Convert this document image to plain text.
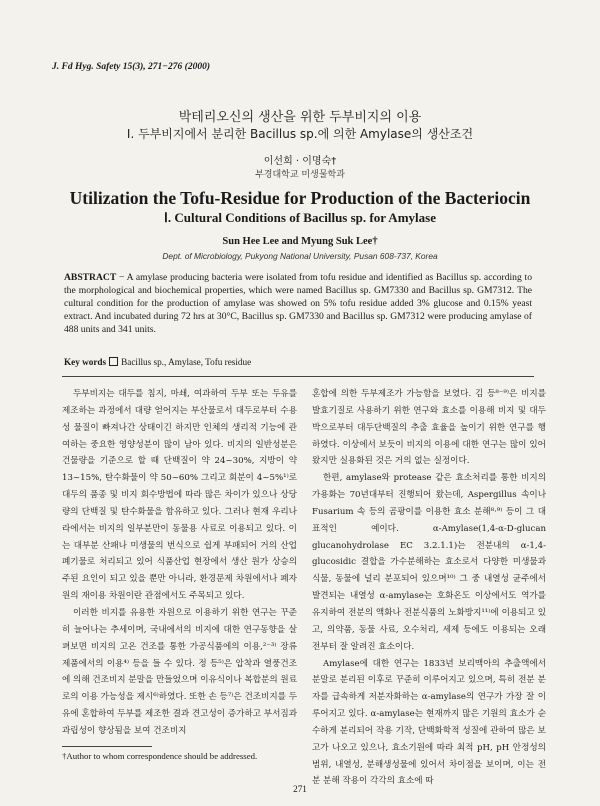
J. Fd Hyg. Safety 15(3), 271−276 (2000)
박테리오신의 생산을 위한 두부비지의 이용
Ⅰ. 두부비지에서 분리한 Bacillus sp.에 의한 Amylase의 생산조건
이선희 · 이명숙†
부경대학교 미생물학과
Utilization the Tofu-Residue for Production of the Bacteriocin
Ⅰ. Cultural Conditions of Bacillus sp. for Amylase
Sun Hee Lee and Myung Suk Lee†
Dept. of Microbiology, Pukyong National University, Pusan 608-737, Korea
ABSTRACT − A amylase producing bacteria were isolated from tofu residue and identified as Bacillus sp. according to the morphological and biochemical properties, which were named Bacillus sp. GM7330 and Bacillus sp. GM7312. The cultural condition for the production of amylase was showed on 5% tofu residue added 3% glucose and 0.15% yeast extract. And incubated during 72 hrs at 30°C, Bacillus sp. GM7330 and Bacillus sp. GM7312 were producing amylase of 488 units and 341 units.
Key words Bacillus sp., Amylase, Tofu residue

두부비지는 대두를 침지, 마쇄, 여과하여 두부 또는 두유를 제조하는 과정에서 대량 얻어지는 부산물로서 대두로부터 수용성 물질이 빠져나간 상태이긴 하지만 인체의 생리적 기능에 관여하는 중요한 영양성분이 많이 남아 있다. 비지의 일반성분은 건물량을 기준으로 할 때 단백질이 약 24~30%, 지방이 약 13~15%, 탄수화물이 약 50~60% 그리고 회분이 4~5%¹⁾로 대두의 품종 및 비지 회수방법에 따라 많은 차이가 있으나 상당량의 단백질 및 탄수화물을 함유하고 있다. 그러나 현재 우리나라에서는 비지의 일부분만이 동물용 사료로 이용되고 있다. 이는 대부분 산패나 미생물의 번식으로 쉽게 부패되어 거의 산업 폐기물로 처리되고 있어 식품산업 현장에서 생산 원가 상승의 주된 요인이 되고 있을 뿐만 아니라, 환경문제 차원에서나 폐자원의 재이용 차원이란 관점에서도 주목되고 있다.

이러한 비지를 유용한 자원으로 이용하기 위한 연구는 꾸준히 늘어나는 추세이며, 국내에서의 비지에 대한 연구동향을 살펴보면 비지의 고온 건조를 통한 가공식품에의 이용,²⁻³⁾ 장류 제품에서의 이용⁴⁾ 등을 들 수 있다. 정 등⁵⁾은 압착과 열풍건조에 의해 건조비지 분말을 만들었으며 이유식이나 복합분의 원료로의 이용 가능성을 제시⁶⁾하였다. 또한 손 등⁷⁾은 건조비지를 두유에 혼합하여 두부를 제조한 결과 견고성이 증가하고 부서짐과 과립성이 향상됨을 보여 건조비지

혼합에 의한 두부제조가 가능함을 보였다. 김 등⁸⁻⁹⁾은 비지를 발효기질로 사용하기 위한 연구와 효소를 이용해 비지 및 대두 박으로부터 대두단백질의 추출 효율을 높이기 위한 연구를 행하였다. 이상에서 보듯이 비지의 이용에 대한 연구는 많이 있어 왔지만 실용화된 것은 거의 없는 실정이다.

한편, amylase와 protease 같은 효소처리를 통한 비지의 가용화는 70년대부터 진행되어 왔는데, Aspergillus 속이나 Fusarium 속 등의 곰팡이를 이용한 효소 분해⁸·⁹⁾ 등이 그 대표적인 예이다. α-Amylase(1,4-α-D-glucan glucanohydrolase EC 3.2.1.1)는 전분내의 α-1,4-glucosidic 결합을 가수분해하는 효소로서 다양한 미생물과 식물, 동물에 널리 분포되어 있으며¹⁰⁾ 그 중 내열성 균주에서 발견되는 내열성 α-amylase는 호화온도 이상에서도 역가를 유지하여 전분의 액화나 전분식품의 노화방지¹¹⁾에 이용되고 있고, 의약품, 동물 사료, 오수처리, 세제 등에도 이용되는 오래 전부터 잘 알려진 효소이다.

Amylase에 대한 연구는 1833년 보리맥아의 추출액에서 분말로 분리된 이후로 꾸준히 이루어지고 있으며, 특히 전분 분자를 급속하게 저분자화하는 α-amylase의 연구가 가장 잘 이루어지고 있다. α-amylase는 현재까지 많은 기원의 효소가 순수하게 분리되어 작용 기작, 단백화학적 성질에 관하여 많은 보고가 나오고 있으나, 효소기원에 따라 최적 pH, pH 안정성의 범위, 내열성, 분해생성물에 있어서 차이점을 보이며, 이는 전분 분해 작용이 각각의 효소에 따

†Author to whom correspondence should be addressed.
271
